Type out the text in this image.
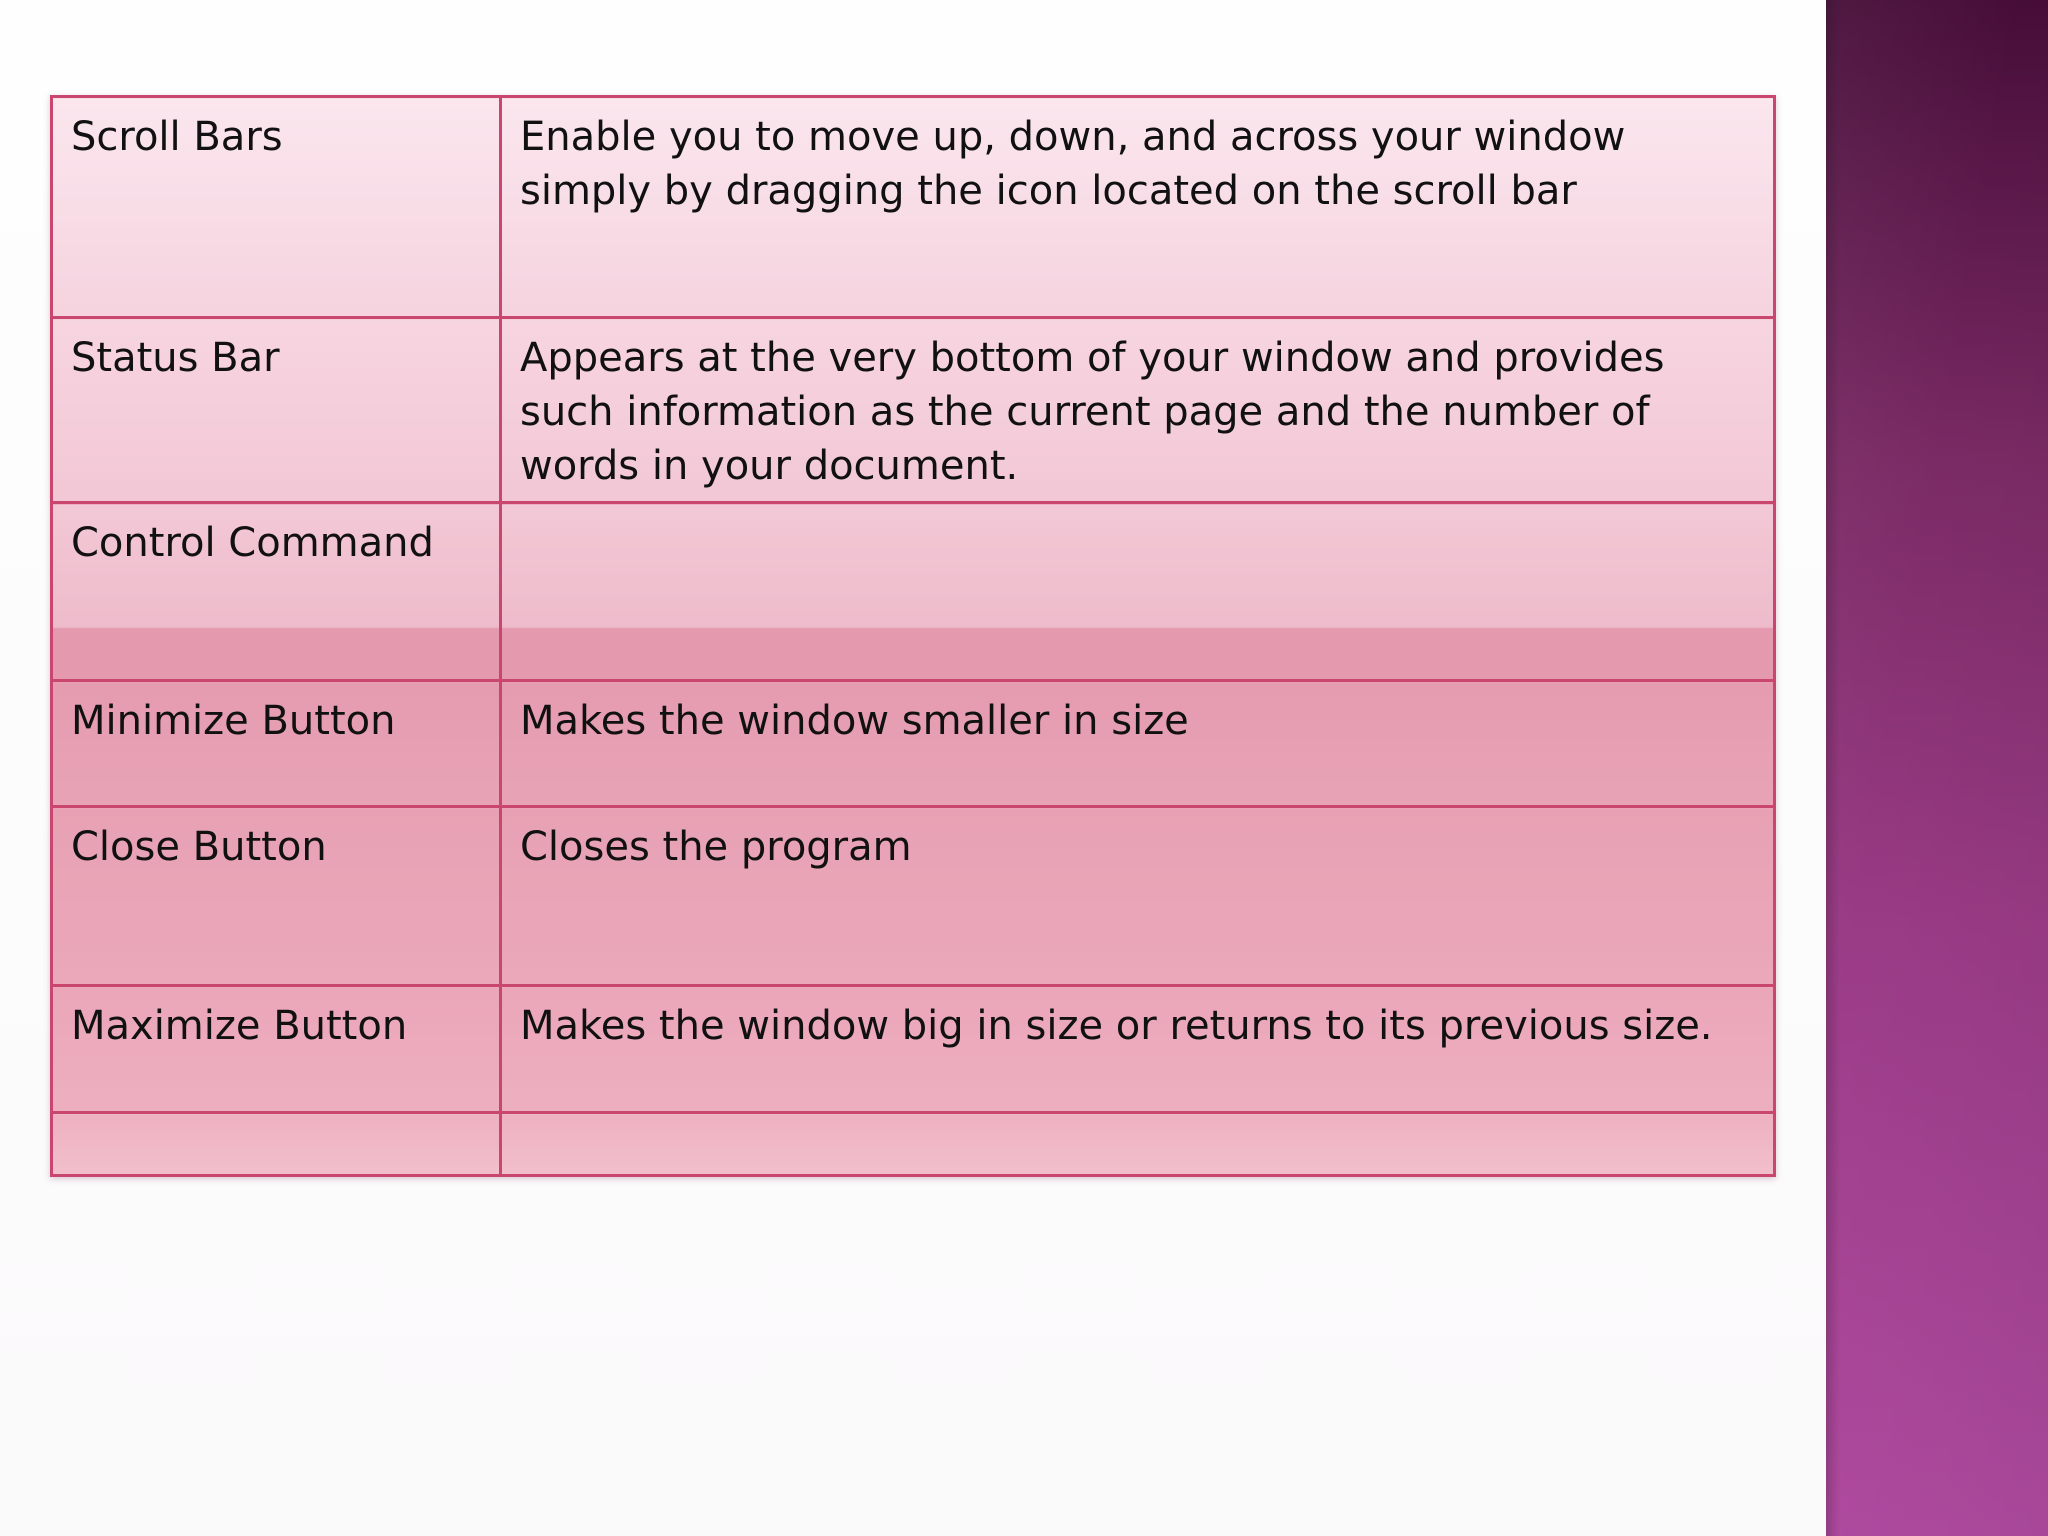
Scroll Bars	Enable you to move up, down, and across your window simply by dragging the icon located on the scroll bar
Status Bar	Appears at the very bottom of your window and provides such information as the current page and the number of words in your document.
Control Command	
Minimize Button	Makes the window smaller in size
Close Button	Closes the program
Maximize Button	Makes the window big in size or returns to its previous size.
